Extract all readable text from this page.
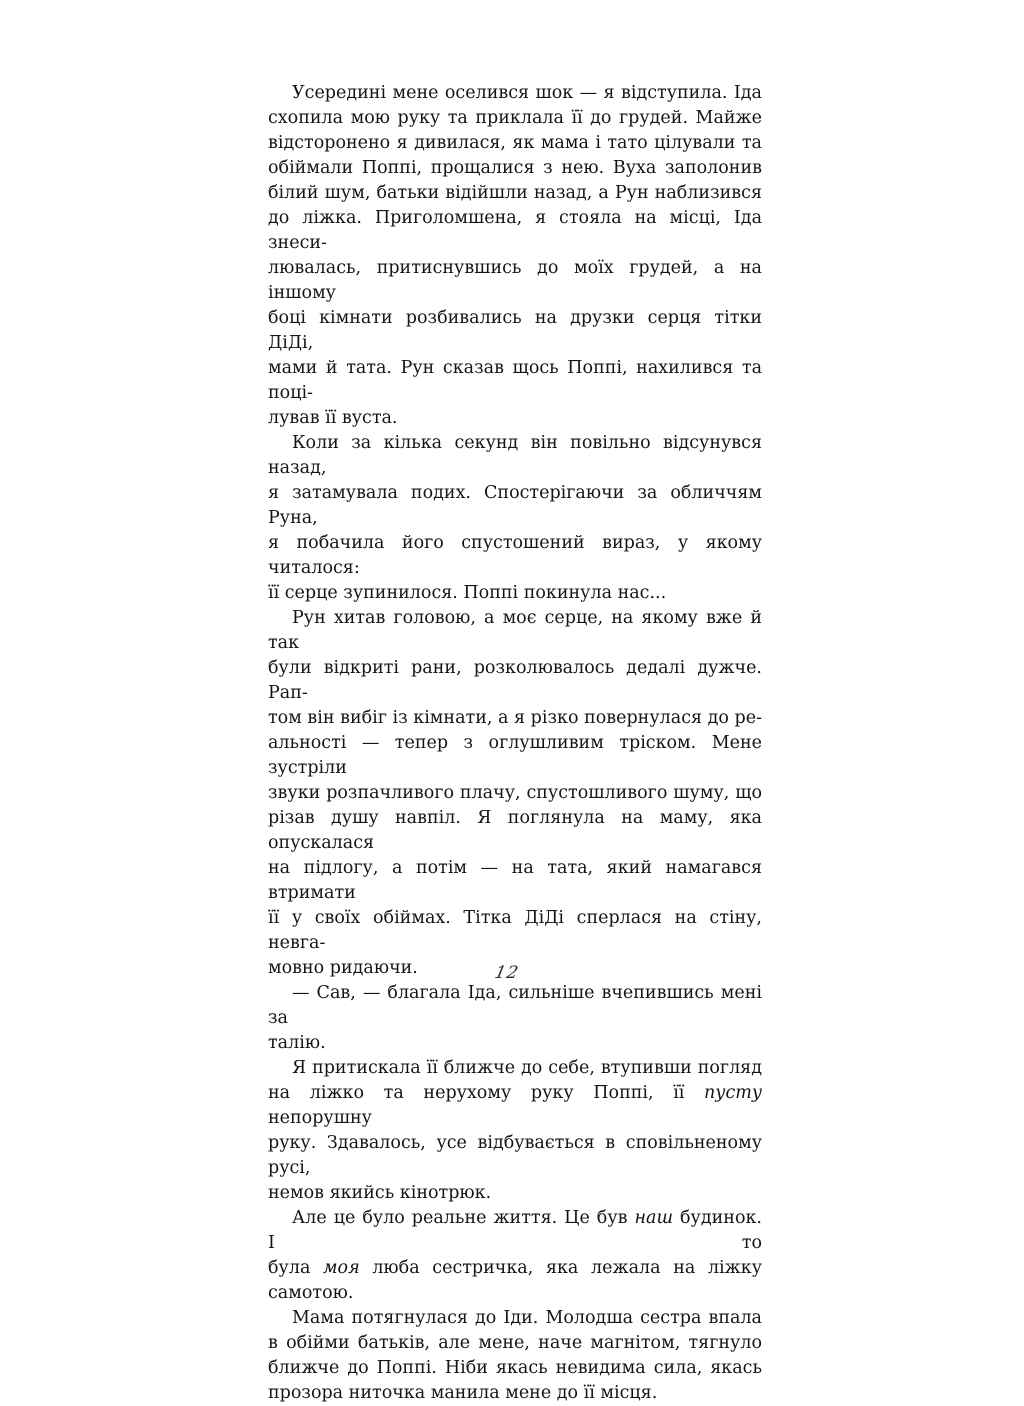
Усередині мене оселився шок — я відступила. Іда
схопила мою руку та приклала її до грудей. Майже
відсторонено я дивилася, як мама і тато цілували та
обіймали Поппі, прощалися з нею. Вуха заполонив
білий шум, батьки відійшли назад, а Рун наблизився
до ліжка. Приголомшена, я стояла на місці, Іда знеси-
лювалась, притиснувшись до моїх грудей, а на іншому
боці кімнати розбивались на друзки серця тітки ДіДі,
мами й тата. Рун сказав щось Поппі, нахилився та поці-
лував її вуста.
Коли за кілька секунд він повільно відсунувся назад,
я затамувала подих. Спостерігаючи за обличчям Руна,
я побачила його спустошений вираз, у якому читалося:
її серце зупинилося. Поппі покинула нас...
Рун хитав головою, а моє серце, на якому вже й так
були відкриті рани, розколювалось дедалі дужче. Рап-
том він вибіг із кімнати, а я різко повернулася до ре-
альності — тепер з оглушливим тріском. Мене зустріли
звуки розпачливого плачу, спустошливого шуму, що
різав душу навпіл. Я поглянула на маму, яка опускалася
на підлогу, а потім — на тата, який намагався втримати
її у своїх обіймах. Тітка ДіДі сперлася на стіну, невга-
мовно ридаючи.
— Сав, — благала Іда, сильніше вчепившись мені за
талію.
Я притискала її ближче до себе, втупивши погляд
на ліжко та нерухому руку Поппі, її пусту непорушну
руку. Здавалось, усе відбувається в сповільненому русі,
немов якийсь кінотрюк.
Але це було реальне життя. Це був наш будинок. І то
була моя люба сестричка, яка лежала на ліжку самотою.
Мама потягнулася до Іди. Молодша сестра впала
в обійми батьків, але мене, наче магнітом, тягнуло
ближче до Поппі. Ніби якась невидима сила, якась
прозора ниточка манила мене до її місця.
12
